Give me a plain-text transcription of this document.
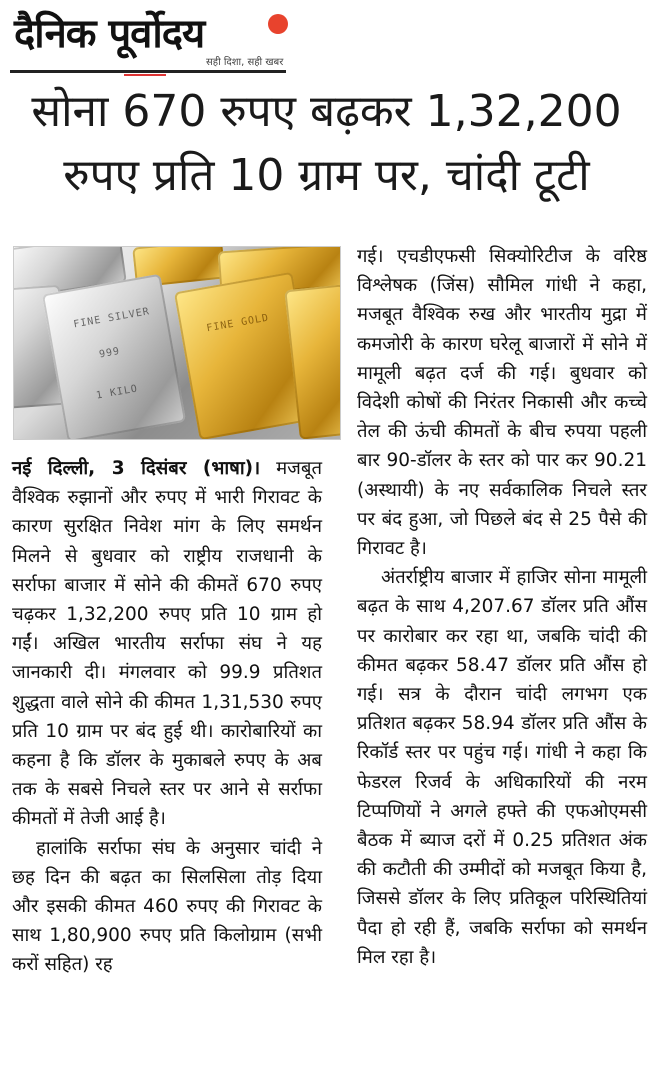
दैनिक पूर्वोदय
सही दिशा, सही खबर
सोना 670 रुपए बढ़कर 1,32,200
रुपए प्रति 10 ग्राम पर, चांदी टूटी
FINE SILVER
999
1 KILO
FINE GOLD

नई दिल्ली, 3 दिसंबर (भाषा)। मजबूत वैश्विक रुझानों और रुपए में भारी गिरावट के कारण सुरक्षित निवेश मांग के लिए समर्थन मिलने से बुधवार को राष्ट्रीय राजधानी के सर्राफा बाजार में सोने की कीमतें 670 रुपए चढ़कर 1,32,200 रुपए प्रति 10 ग्राम हो गईं। अखिल भारतीय सर्राफा संघ ने यह जानकारी दी। मंगलवार को 99.9 प्रतिशत शुद्धता वाले सोने की कीमत 1,31,530 रुपए प्रति 10 ग्राम पर बंद हुई थी। कारोबारियों का कहना है कि डॉलर के मुकाबले रुपए के अब तक के सबसे निचले स्तर पर आने से सर्राफा कीमतों में तेजी आई है।

हालांकि सर्राफा संघ के अनुसार चांदी ने छह दिन की बढ़त का सिलसिला तोड़ दिया और इसकी कीमत 460 रुपए की गिरावट के साथ 1,80,900 रुपए प्रति किलोग्राम (सभी करों सहित) रह

गई। एचडीएफसी सिक्योरिटीज के वरिष्ठ विश्लेषक (जिंस) सौमिल गांधी ने कहा, मजबूत वैश्विक रुख और भारतीय मुद्रा में कमजोरी के कारण घरेलू बाजारों में सोने में मामूली बढ़त दर्ज की गई। बुधवार को विदेशी कोषों की निरंतर निकासी और कच्चे तेल की ऊंची कीमतों के बीच रुपया पहली बार 90-डॉलर के स्तर को पार कर 90.21 (अस्थायी) के नए सर्वकालिक निचले स्तर पर बंद हुआ, जो पिछले बंद से 25 पैसे की गिरावट है।

अंतर्राष्ट्रीय बाजार में हाजिर सोना मामूली बढ़त के साथ 4,207.67 डॉलर प्रति औंस पर कारोबार कर रहा था, जबकि चांदी की कीमत बढ़कर 58.47 डॉलर प्रति औंस हो गई। सत्र के दौरान चांदी लगभग एक प्रतिशत बढ़कर 58.94 डॉलर प्रति औंस के रिकॉर्ड स्तर पर पहुंच गई। गांधी ने कहा कि फेडरल रिजर्व के अधिकारियों की नरम टिप्पणियों ने अगले हफ्ते की एफओएमसी बैठक में ब्याज दरों में 0.25 प्रतिशत अंक की कटौती की उम्मीदों को मजबूत किया है, जिससे डॉलर के लिए प्रतिकूल परिस्थितियां पैदा हो रही हैं, जबकि सर्राफा को समर्थन मिल रहा है।
